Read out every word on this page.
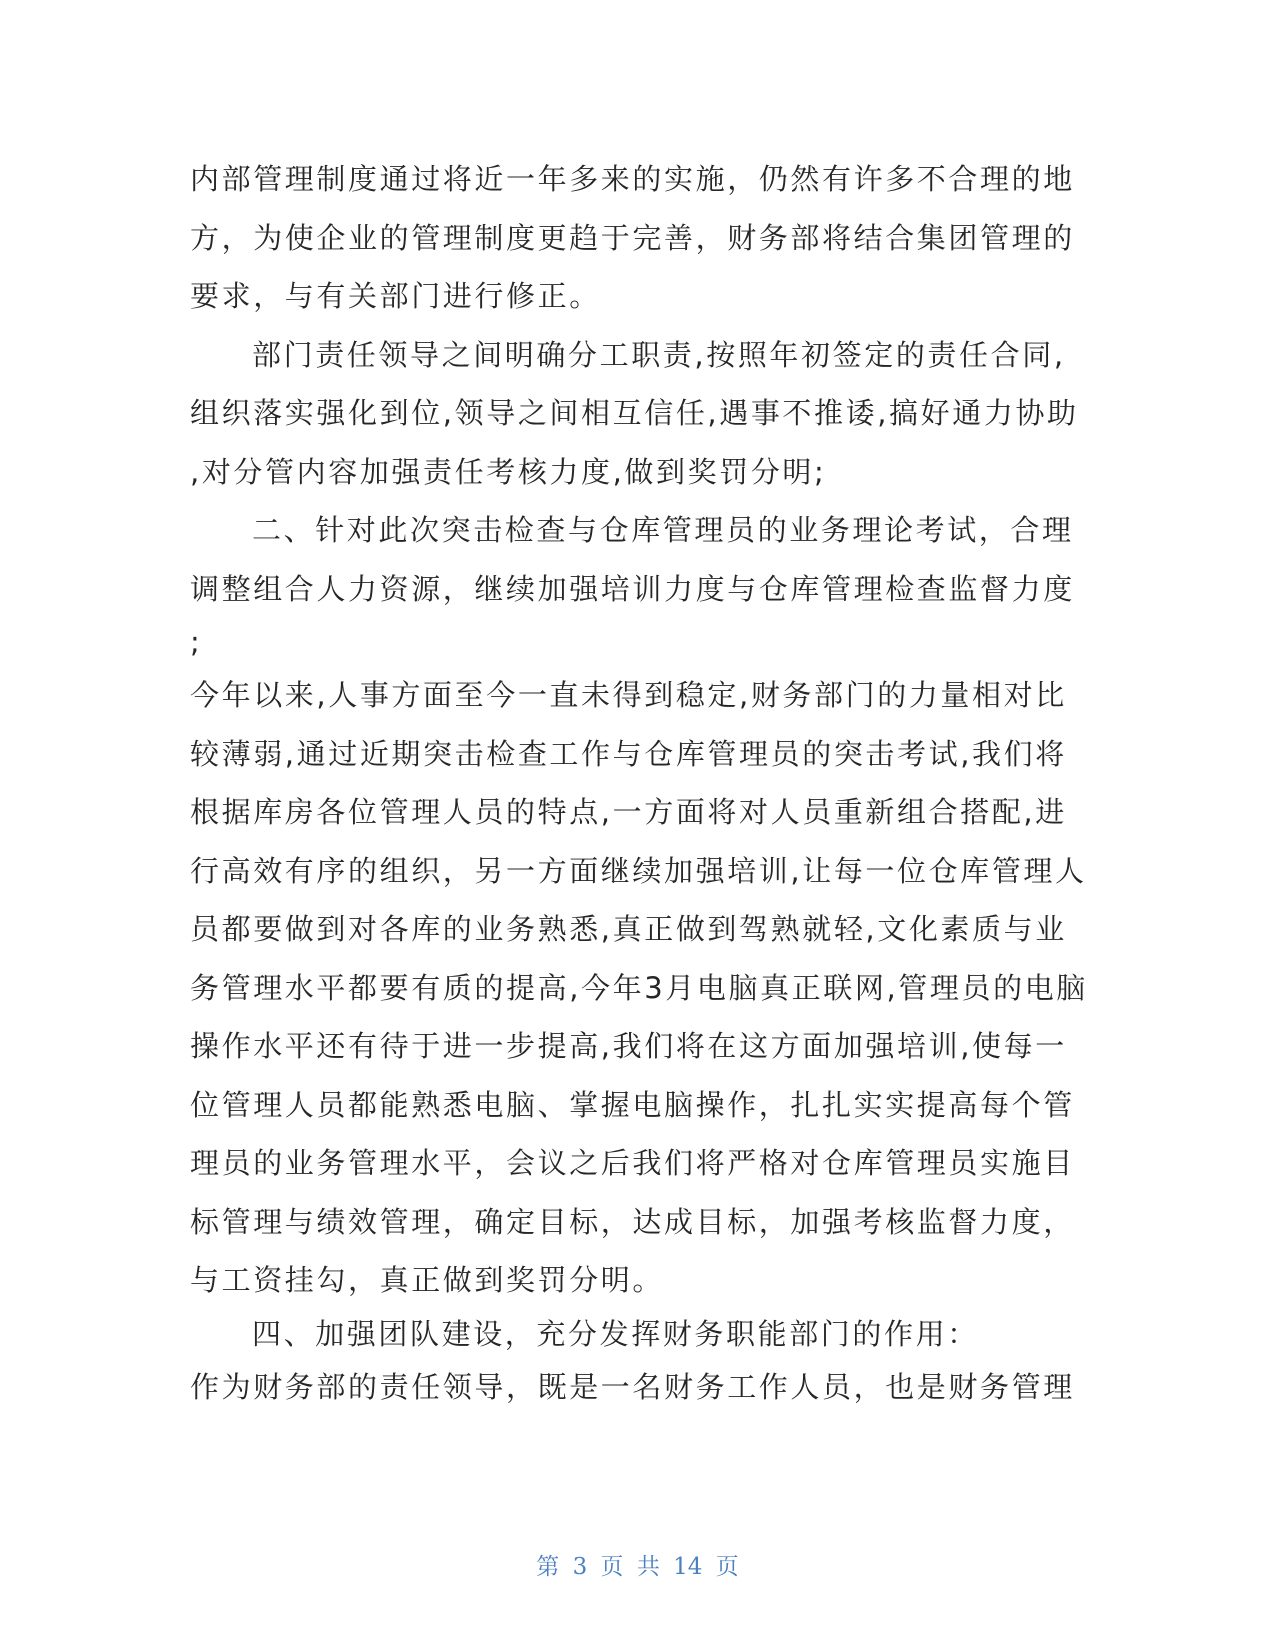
内部管理制度通过将近一年多来的实施，仍然有许多不合理的地
方，为使企业的管理制度更趋于完善，财务部将结合集团管理的
要求，与有关部门进行修正。
部门责任领导之间明确分工职责,按照年初签定的责任合同,
组织落实强化到位,领导之间相互信任,遇事不推诿,搞好通力协助
,对分管内容加强责任考核力度,做到奖罚分明;
二、针对此次突击检查与仓库管理员的业务理论考试，合理
调整组合人力资源，继续加强培训力度与仓库管理检查监督力度
;
今年以来,人事方面至今一直未得到稳定,财务部门的力量相对比
较薄弱,通过近期突击检查工作与仓库管理员的突击考试,我们将
根据库房各位管理人员的特点,一方面将对人员重新组合搭配,进
行高效有序的组织，另一方面继续加强培训,让每一位仓库管理人
员都要做到对各库的业务熟悉,真正做到驾熟就轻,文化素质与业
务管理水平都要有质的提高,今年3月电脑真正联网,管理员的电脑
操作水平还有待于进一步提高,我们将在这方面加强培训,使每一
位管理人员都能熟悉电脑、掌握电脑操作，扎扎实实提高每个管
理员的业务管理水平，会议之后我们将严格对仓库管理员实施目
标管理与绩效管理，确定目标，达成目标，加强考核监督力度，
与工资挂勾，真正做到奖罚分明。
四、加强团队建设，充分发挥财务职能部门的作用：
作为财务部的责任领导，既是一名财务工作人员，也是财务管理
第 3 页 共 14 页
